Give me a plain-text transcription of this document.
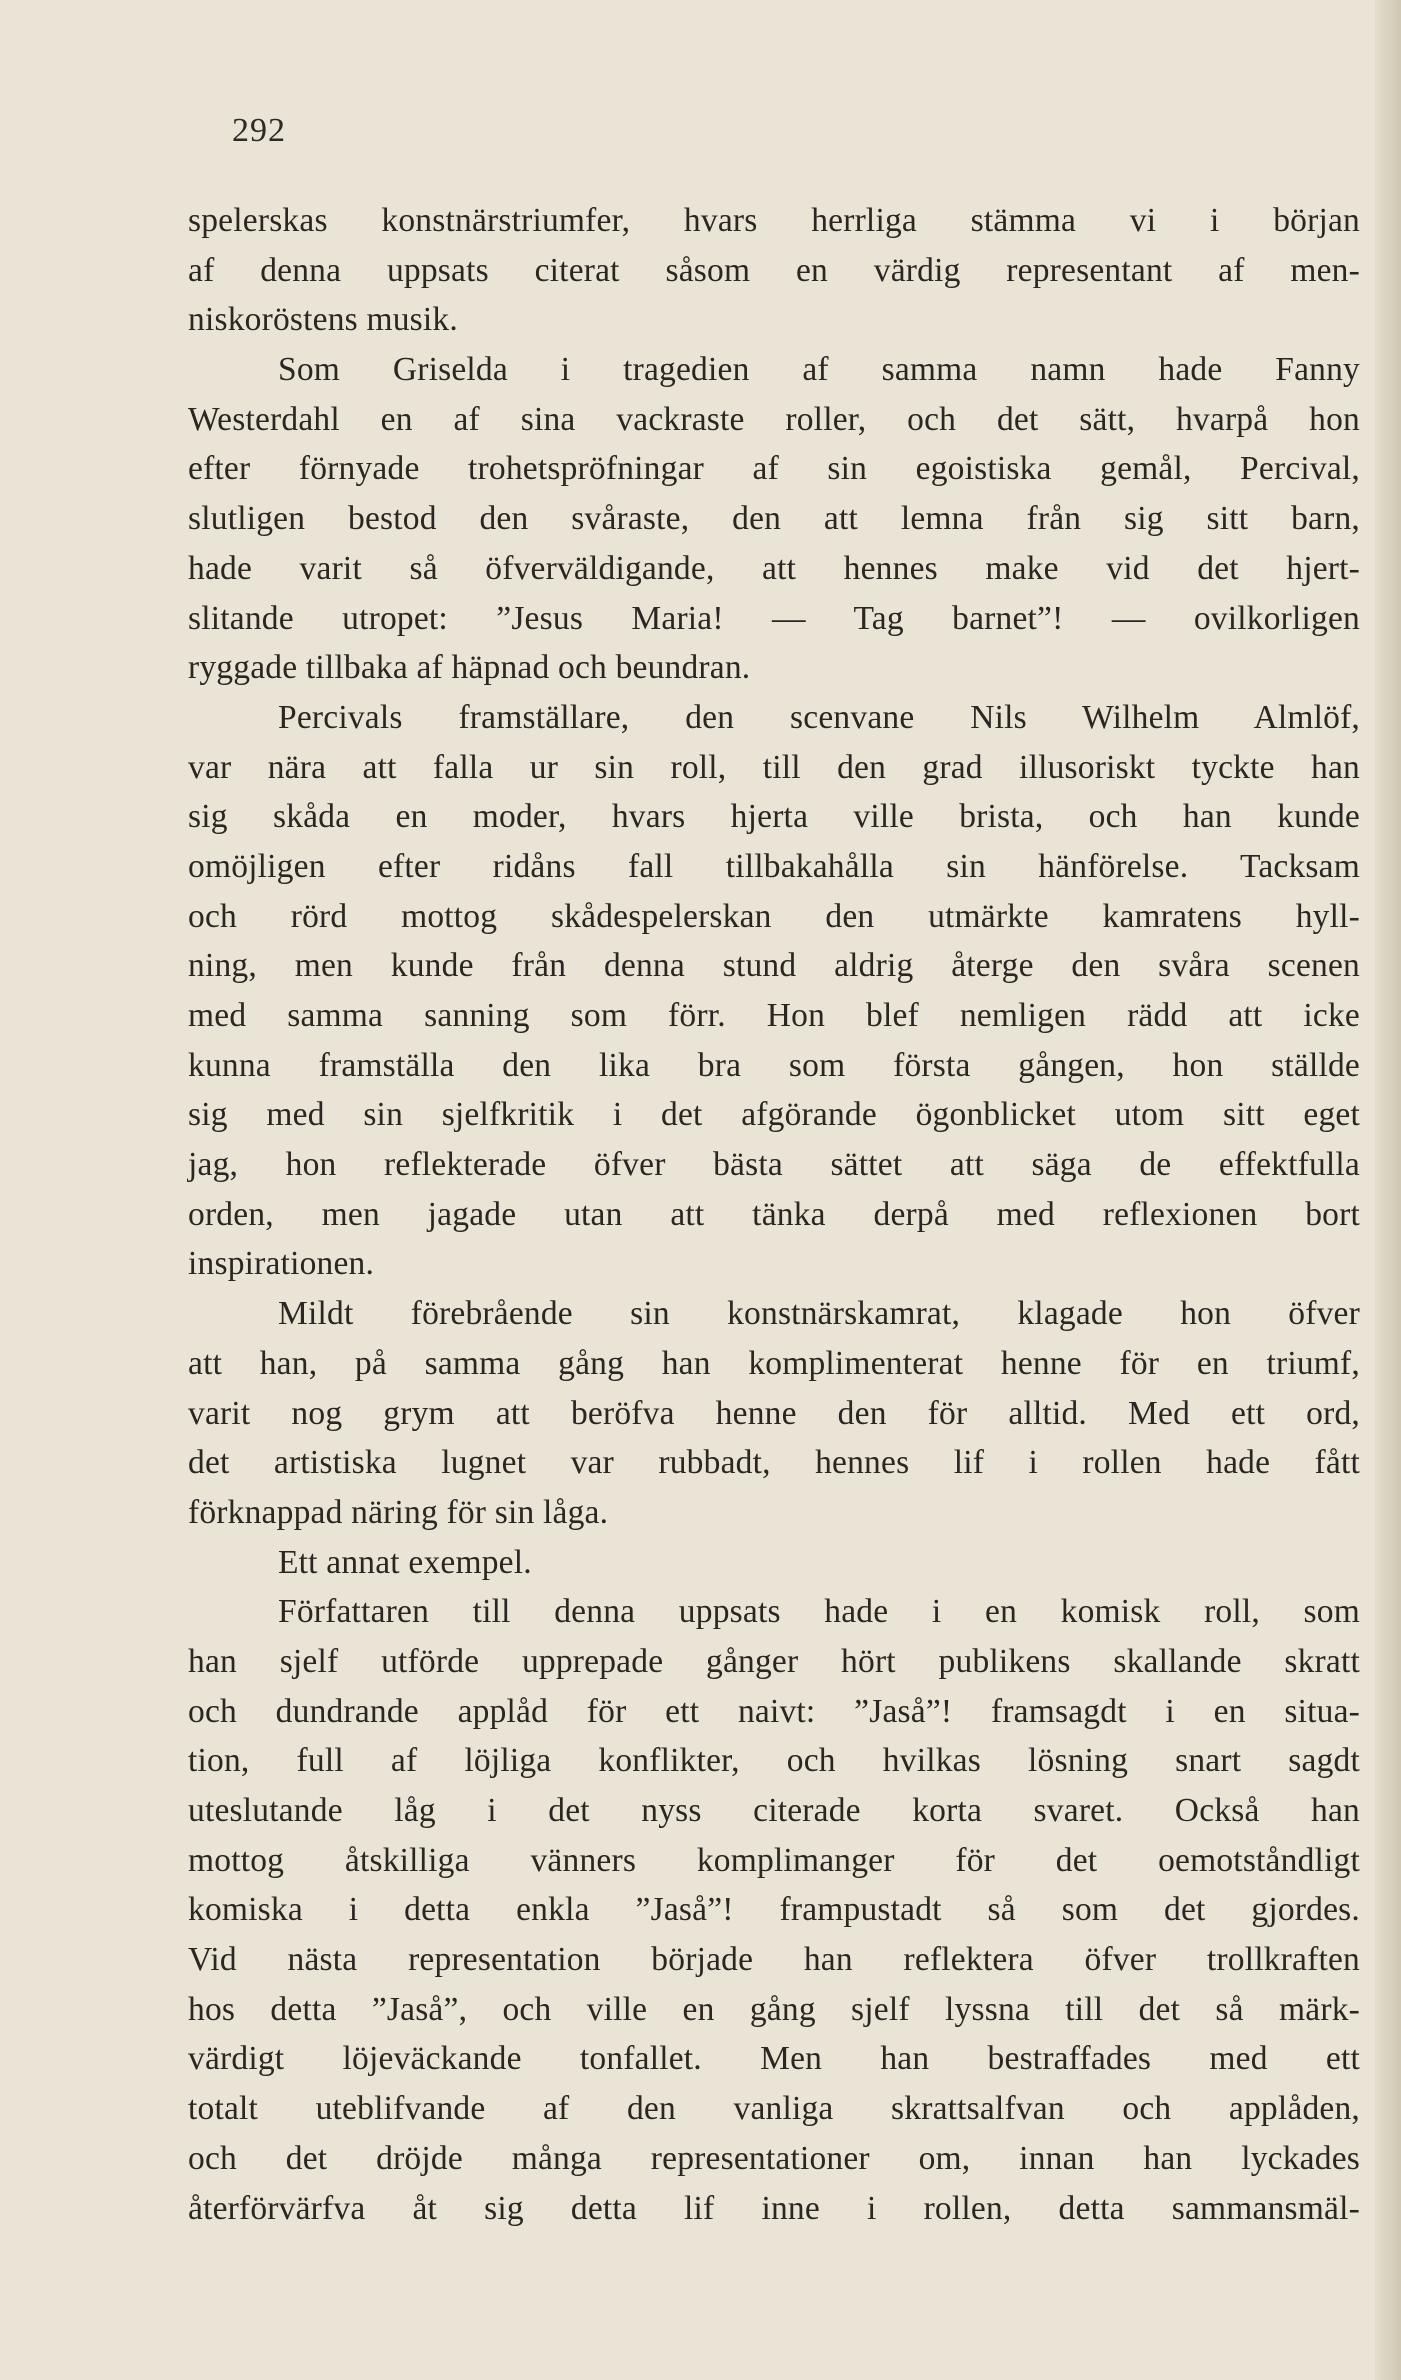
292
spelerskas konstnärstriumfer, hvars herrliga stämma vi i början
af denna uppsats citerat såsom en värdig representant af men-
niskoröstens musik.
Som Griselda i tragedien af samma namn hade Fanny
Westerdahl en af sina vackraste roller, och det sätt, hvarpå hon
efter förnyade trohetspröfningar af sin egoistiska gemål, Percival,
slutligen bestod den svåraste, den att lemna från sig sitt barn,
hade varit så öfverväldigande, att hennes make vid det hjert-
slitande utropet: ”Jesus Maria! — Tag barnet”! — ovilkorligen
ryggade tillbaka af häpnad och beundran.
Percivals framställare, den scenvane Nils Wilhelm Almlöf,
var nära att falla ur sin roll, till den grad illusoriskt tyckte han
sig skåda en moder, hvars hjerta ville brista, och han kunde
omöjligen efter ridåns fall tillbakahålla sin hänförelse. Tacksam
och rörd mottog skådespelerskan den utmärkte kamratens hyll-
ning, men kunde från denna stund aldrig återge den svåra scenen
med samma sanning som förr. Hon blef nemligen rädd att icke
kunna framställa den lika bra som första gången, hon ställde
sig med sin sjelfkritik i det afgörande ögonblicket utom sitt eget
jag, hon reflekterade öfver bästa sättet att säga de effektfulla
orden, men jagade utan att tänka derpå med reflexionen bort
inspirationen.
Mildt förebrående sin konstnärskamrat, klagade hon öfver
att han, på samma gång han komplimenterat henne för en triumf,
varit nog grym att beröfva henne den för alltid. Med ett ord,
det artistiska lugnet var rubbadt, hennes lif i rollen hade fått
förknappad näring för sin låga.
Ett annat exempel.
Författaren till denna uppsats hade i en komisk roll, som
han sjelf utförde upprepade gånger hört publikens skallande skratt
och dundrande applåd för ett naivt: ”Jaså”! framsagdt i en situa-
tion, full af löjliga konflikter, och hvilkas lösning snart sagdt
uteslutande låg i det nyss citerade korta svaret. Också han
mottog åtskilliga vänners komplimanger för det oemotståndligt
komiska i detta enkla ”Jaså”! frampustadt så som det gjordes.
Vid nästa representation började han reflektera öfver trollkraften
hos detta ”Jaså”, och ville en gång sjelf lyssna till det så märk-
värdigt löjeväckande tonfallet. Men han bestraffades med ett
totalt uteblifvande af den vanliga skrattsalfvan och applåden,
och det dröjde många representationer om, innan han lyckades
återförvärfva åt sig detta lif inne i rollen, detta sammansmäl-
